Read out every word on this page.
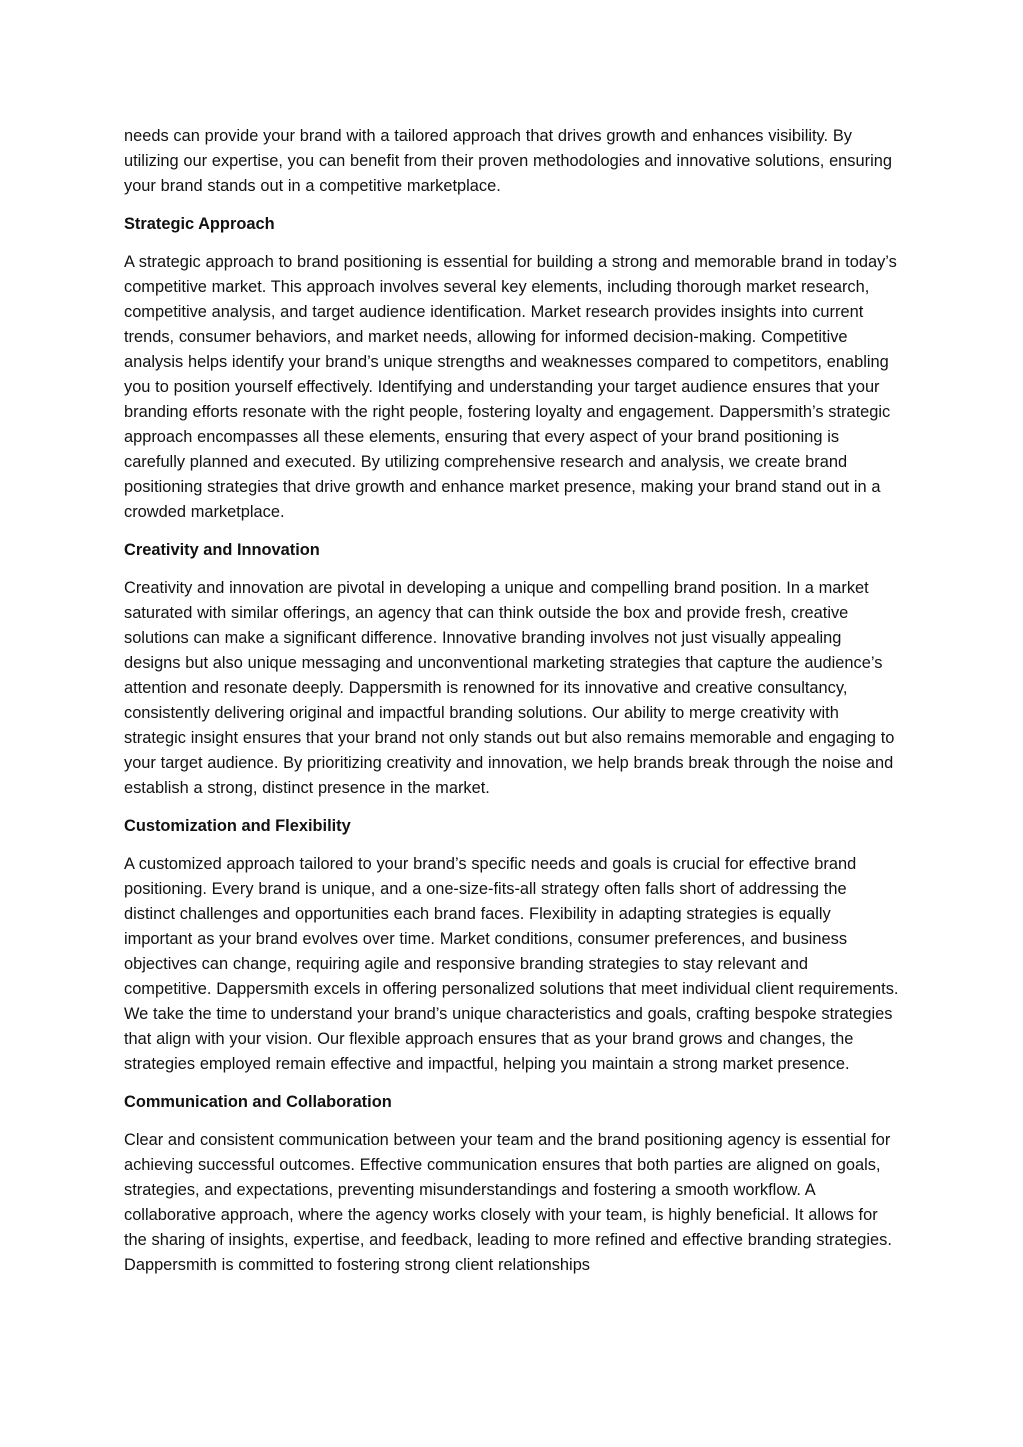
needs can provide your brand with a tailored approach that drives growth and enhances visibility. By utilizing our expertise, you can benefit from their proven methodologies and innovative solutions, ensuring your brand stands out in a competitive marketplace.

Strategic Approach

A strategic approach to brand positioning is essential for building a strong and memorable brand in today’s competitive market. This approach involves several key elements, including thorough market research, competitive analysis, and target audience identification. Market research provides insights into current trends, consumer behaviors, and market needs, allowing for informed decision-making. Competitive analysis helps identify your brand’s unique strengths and weaknesses compared to competitors, enabling you to position yourself effectively. Identifying and understanding your target audience ensures that your branding efforts resonate with the right people, fostering loyalty and engagement. Dappersmith’s strategic approach encompasses all these elements, ensuring that every aspect of your brand positioning is carefully planned and executed. By utilizing comprehensive research and analysis, we create brand positioning strategies that drive growth and enhance market presence, making your brand stand out in a crowded marketplace.

Creativity and Innovation

Creativity and innovation are pivotal in developing a unique and compelling brand position. In a market saturated with similar offerings, an agency that can think outside the box and provide fresh, creative solutions can make a significant difference. Innovative branding involves not just visually appealing designs but also unique messaging and unconventional marketing strategies that capture the audience’s attention and resonate deeply. Dappersmith is renowned for its innovative and creative consultancy, consistently delivering original and impactful branding solutions. Our ability to merge creativity with strategic insight ensures that your brand not only stands out but also remains memorable and engaging to your target audience. By prioritizing creativity and innovation, we help brands break through the noise and establish a strong, distinct presence in the market.

Customization and Flexibility

A customized approach tailored to your brand’s specific needs and goals is crucial for effective brand positioning. Every brand is unique, and a one-size-fits-all strategy often falls short of addressing the distinct challenges and opportunities each brand faces. Flexibility in adapting strategies is equally important as your brand evolves over time. Market conditions, consumer preferences, and business objectives can change, requiring agile and responsive branding strategies to stay relevant and competitive. Dappersmith excels in offering personalized solutions that meet individual client requirements. We take the time to understand your brand’s unique characteristics and goals, crafting bespoke strategies that align with your vision. Our flexible approach ensures that as your brand grows and changes, the strategies employed remain effective and impactful, helping you maintain a strong market presence.

Communication and Collaboration

Clear and consistent communication between your team and the brand positioning agency is essential for achieving successful outcomes. Effective communication ensures that both parties are aligned on goals, strategies, and expectations, preventing misunderstandings and fostering a smooth workflow. A collaborative approach, where the agency works closely with your team, is highly beneficial. It allows for the sharing of insights, expertise, and feedback, leading to more refined and effective branding strategies. Dappersmith is committed to fostering strong client relationships
